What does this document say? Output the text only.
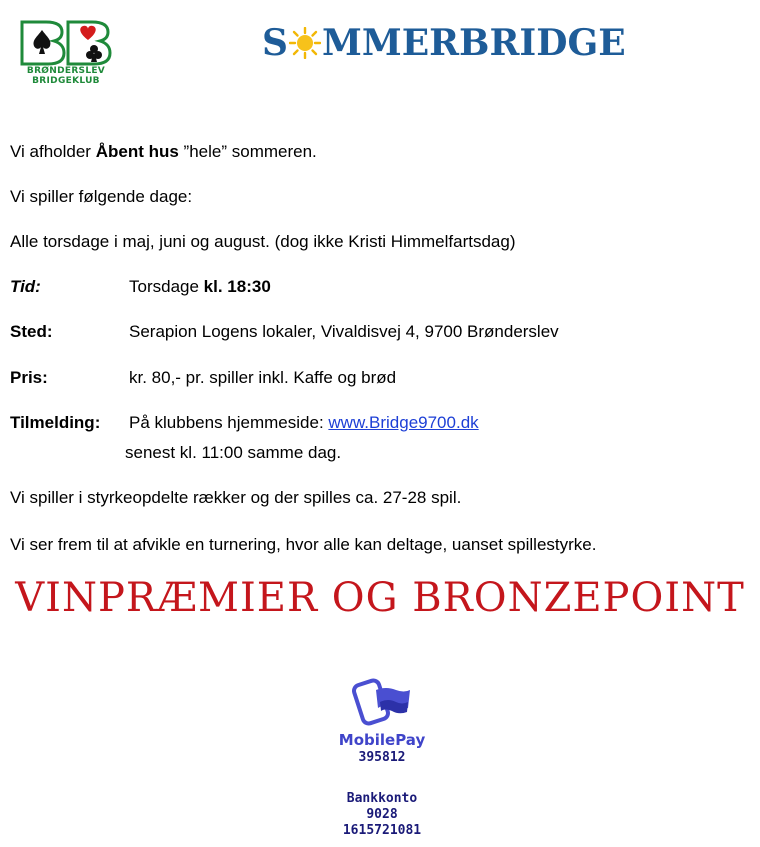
BRØNDERSLEV
BRIDGEKLUB
S MMERBRIDGE
Vi afholder Åbent hus ”hele” sommeren.
Vi spiller følgende dage:
Alle torsdage i maj, juni og august. (dog ikke Kristi Himmelfartsdag)
Tid:	Torsdage kl. 18:30
Sted:	Serapion Logens lokaler, Vivaldisvej 4, 9700 Brønderslev
Pris:	kr. 80,- pr. spiller inkl. Kaffe og brød
Tilmelding: På klubbens hjemmeside: www.Bridge9700.dk
senest kl. 11:00 samme dag.
Vi spiller i styrkeopdelte rækker og der spilles ca. 27-28 spil.
Vi ser frem til at afvikle en turnering, hvor alle kan deltage, uanset spillestyrke.
VINPRÆMIER OG BRONZEPOINT
MobilePay
395812
Bankkonto
9028
1615721081
